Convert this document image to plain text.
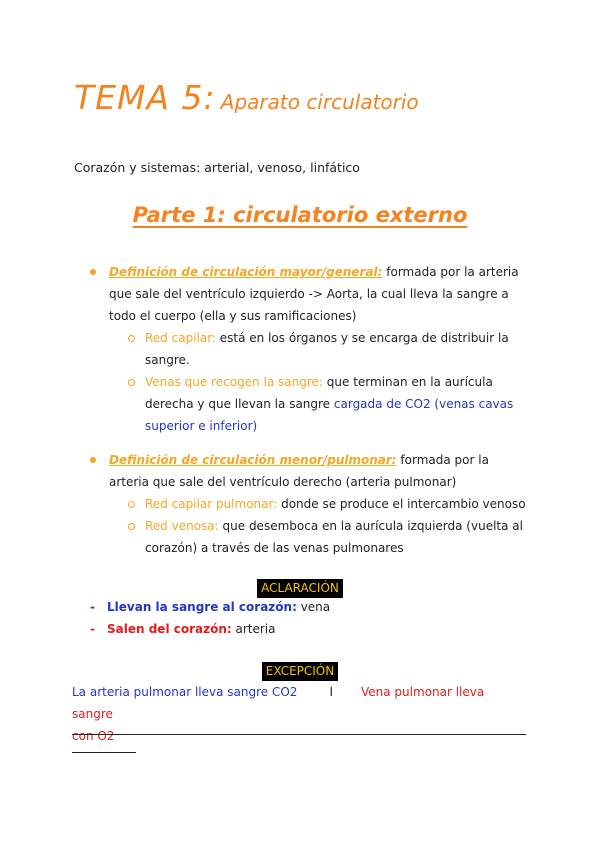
TEMA 5: Aparato circulatorio
Corazón y sistemas: arterial, venoso, linfático
Parte 1: circulatorio externo
Definición de circulación mayor/general: formada por la arteria que sale del ventrículo izquierdo -> Aorta, la cual lleva la sangre a todo el cuerpo (ella y sus ramificaciones)
Red capilar: está en los órganos y se encarga de distribuir la sangre.
Venas que recogen la sangre: que terminan en la aurícula derecha y que llevan la sangre cargada de CO2 (venas cavas superior e inferior)
Definición de circulación menor/pulmonar: formada por la arteria que sale del ventrículo derecho (arteria pulmonar)
Red capilar pulmonar: donde se produce el intercambio venoso
Red venosa: que desemboca en la aurícula izquierda (vuelta al corazón) a través de las venas pulmonares
ACLARACIÓN
- Llevan la sangre al corazón: vena
- Salen del corazón: arteria
EXCEPCIÓN
La arteria pulmonar lleva sangre CO2	I Vena pulmonar lleva sangre
con O2
